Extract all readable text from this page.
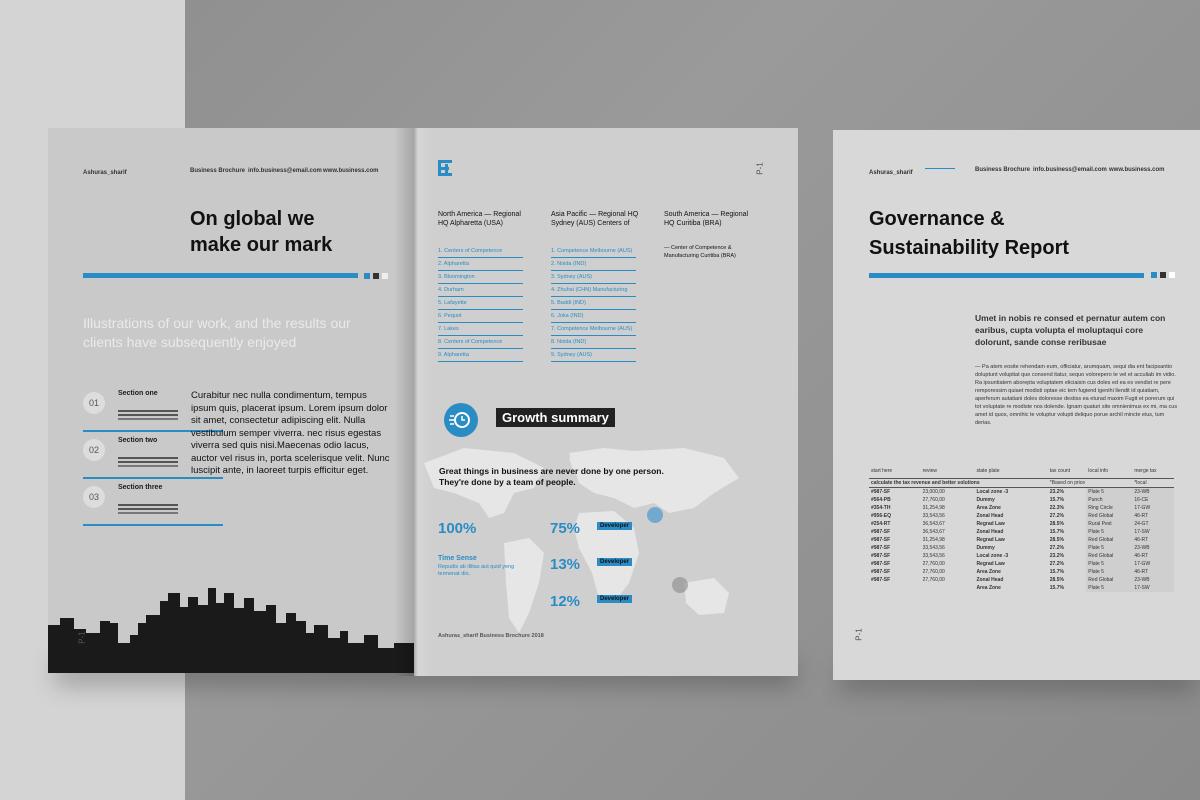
Ashuras_sharif	Business Brochure info.business@email.com www.business.com
On global we
make our mark
Illustrations of our work, and the results our clients have subsequently enjoyed
01
Section one
02
Section two
03
Section three
Curabitur nec nulla condimentum, tempus ipsum quis, placerat ipsum. Lorem ipsum dolor sit amet, consectetur adipiscing elit. Nulla vestibulum semper viverra. nec risus egestas viverra sed quis nisi.Maecenas odio lacus, auctor vel risus in, porta scelerisque velit. Nunc luscipit ante, in laoreet turpis efficitur eget.
P-1
P-1
North America — Regional HQ Alpharetta (USA)
1. Centers of Competence
2. Alpharetta
3. Bloomington
4. Durham
5. Lafayette
6. Pequot
7. Lakes
8. Centers of Competence
9. Alpharetta
Asia Pacific — Regional HQ Sydney (AUS) Centers of
1. Competence Melbourne (AUS)
2. Noida (IND)
3. Sydney (AUS)
4. Zhuhai (CHN) Manufacturing
5. Baddi (IND)
6. Joka (IND)
7. Competence Melbourne (AUS)
8. Noida (IND)
9. Sydney (AUS)
South America — Regional HQ Curitiba (BRA)
— Center of Competence & Manufacturing Curitiba (BRA)
Growth summary
Great things in business are never done by one person. They're done by a team of people.
100%
Time Sense
Repudis ab illitas aut quid yeng termenat dio.
75%	Developer
13%	Developer
12%	Developer
Ashuras_sharif Business Brochure 2018
Ashuras_sharif	Business Brochure info.business@email.com www.business.com
Governance &
Sustainability Report
Umet in nobis re consed et pernatur autem con earibus, cupta volupta el moluptaqui core dolorunt, sande conse reribusae
— Pa atem eosite rehendam eum, officiatur, arumquam, sequi dia ent facipsantio doluptunt voluptiat que consend itatur, sequo volorepero te vel et acculiab im vidio. Ra ipsuntiatem aborepta voluptatem eliciaisin cus doles ed ea es vendist re pere remporessim quiaet modisti optae eic tem fugiend igenihi llendit id quiatiam, aperferum autatiani doles doloresse destiss ea eturad maxim Fugit et porerum qui tot voluptate re modiste nos dolende. Ignam quaturi site omnienimus ex mi, ma cus amet id quos, omnihic te voluptur volupti deliquo porue archil mincte eius, tum derias.
start here	review	state plate	tax count	local info	merge tax
calculate the tax revenue and better solutions			*Based on price		*local
#987-SF	23,000,00	Local zone -3	23.2%	Plate 5	23-WB
#564-PB	27,760,00	Dummy	15.7%	Punch	16-CE
#354-TH	31,254,98	Area Zone	22.3%	Ring Circle	17-GW
#956-EQ	33,543,56	Zonal Head	27.2%	Red Global	46-RT
#254-RT	36,543,67	Regrad Law	28.5%	Rural Pest	24-GT
#987-SF	36,543,67	Zonal Head	15.7%	Plate 5	17-SW
#987-SF	31,254,98	Regrad Law	28.5%	Red Global	46-RT
#987-SF	33,543,56	Dummy	27.2%	Plate 5	23-WB
#987-SF	33,543,56	Local zone -3	23.2%	Red Global	46-RT
#987-SF	27,760,00	Regrad Law	27.2%	Plate 5	17-GW
#987-SF	27,760,00	Area Zone	15.7%	Plate 5	46-RT
#987-SF	27,760,00	Zonal Head	28.5%	Red Global	23-WB
		Area Zone	15.7%	Plate 5	17-SW
P-1
